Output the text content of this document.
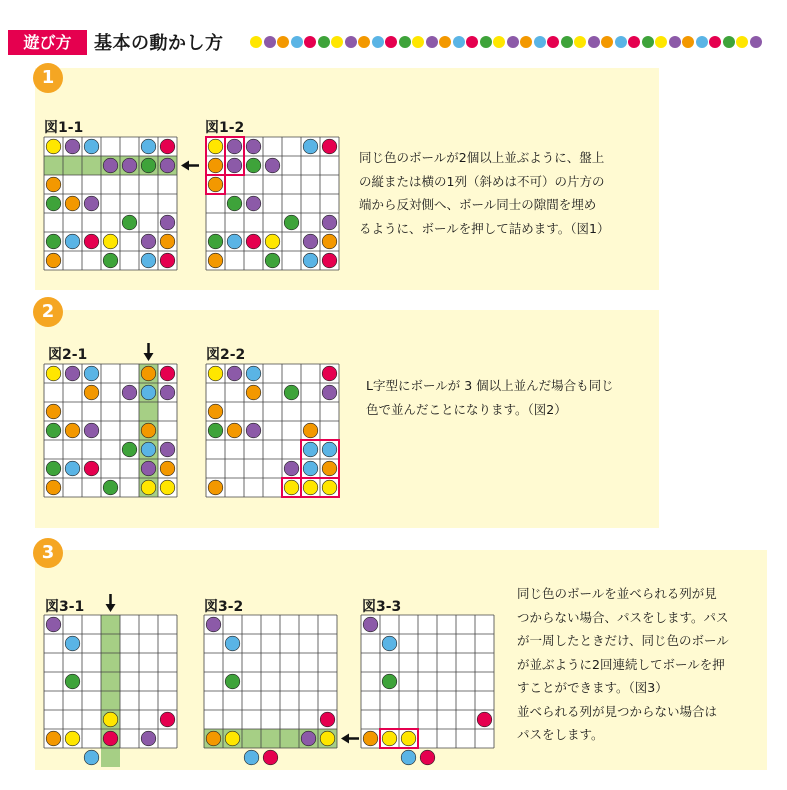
遊び方	基本の動かし方
1
図1-1	図1-2
同じ色のボールが2個以上並ぶように、盤上
の縦または横の1列（斜めは不可）の片方の
端から反対側へ、ボール同士の隙間を埋め
るように、ボールを押して詰めます。（図1）
2
図2-1	図2-2
L字型にボールが 3 個以上並んだ場合も同じ
色で並んだことになります。（図2）
3
図3-1	図3-2	図3-3
同じ色のボールを並べられる列が見
つからない場合、パスをします。パス
が一周したときだけ、同じ色のボール
が並ぶように2回連続してボールを押
すことができます。（図3）
並べられる列が見つからない場合は
パスをします。
